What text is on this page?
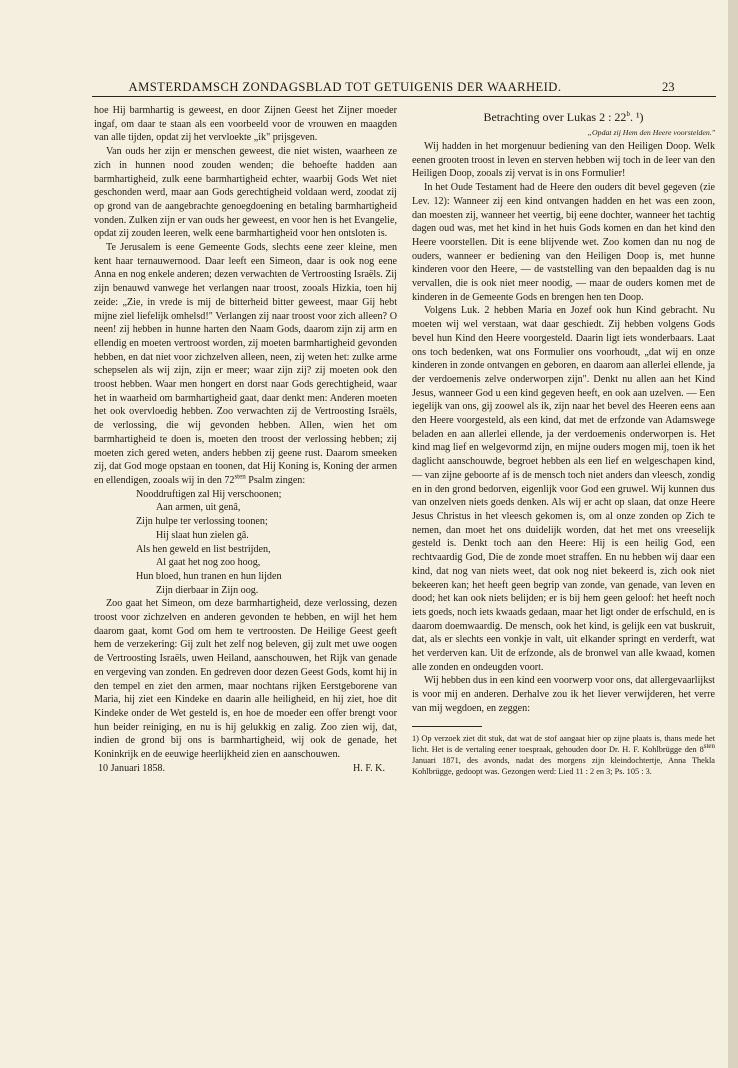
AMSTERDAMSCH ZONDAGSBLAD TOT GETUIGENIS DER WAARHEID.	23

hoe Hij barmhartig is geweest, en door Zijnen Geest het Zijner moeder ingaf, om daar te staan als een voorbeeld voor de vrouwen en maagden van alle tijden, opdat zij het vervloekte „ik" prijsgeven.

Van ouds her zijn er menschen geweest, die niet wisten, waarheen ze zich in hunnen nood zouden wenden; die behoefte hadden aan barmhartigheid, zulk eene barmhartigheid echter, waarbij Gods Wet niet geschonden werd, maar aan Gods gerechtigheid voldaan werd, zoodat zij op grond van de aangebrachte genoegdoening en betaling barmhartigheid vonden. Zulken zijn er van ouds her geweest, en voor hen is het Evangelie, opdat zij zouden leeren, welk eene barmhartigheid voor hen ontsloten is.

Te Jerusalem is eene Gemeente Gods, slechts eene zeer kleine, men kent haar ternauwernood. Daar leeft een Simeon, daar is ook nog eene Anna en nog enkele anderen; dezen verwachten de Vertroosting Israëls. Zij zijn benauwd vanwege het verlangen naar troost, zooals Hizkia, toen hij zeide: „Zie, in vrede is mij de bitterheid bitter geweest, maar Gij hebt mijne ziel liefelijk omhelsd!" Verlangen zij naar troost voor zich alleen? O neen! zij hebben in hunne harten den Naam Gods, daarom zijn zij arm en ellendig en moeten vertroost worden, zij moeten barmhartigheid gevonden hebben, en dat niet voor zichzelven alleen, neen, zij weten het: zulke arme schepselen als wij zijn, zijn er meer; waar zijn zij? zij moeten ook den troost hebben. Waar men hongert en dorst naar Gods gerechtigheid, waar het in waarheid om barmhartigheid gaat, daar denkt men: Anderen moeten het ook overvloedig hebben. Zoo verwachten zij de Vertroosting Israëls, de verlossing, die wij gevonden hebben. Allen, wien het om barmhartigheid te doen is, moeten den troost der verlossing hebben; zij moeten zich gered weten, anders hebben zij geene rust. Daarom smeeken zij, dat God moge opstaan en toonen, dat Hij Koning is, Koning der armen en ellendigen, zooals wij in den $72^{sten}$ Psalm zingen:

Nooddruftigen zal Hij verschoonen;
Aan armen, uit genâ,
Zijn hulpe ter verlossing toonen;
Hij slaat hun zielen gâ.
Als hen geweld en list bestrijden,
Al gaat het nog zoo hoog,
Hun bloed, hun tranen en hun lijden
Zijn dierbaar in Zijn oog.

Zoo gaat het Simeon, om deze barmhartigheid, deze verlossing, dezen troost voor zichzelven en anderen gevonden te hebben, en wijl het hem daarom gaat, komt God om hem te vertroosten. De Heilige Geest geeft hem de verzekering: Gij zult het zelf nog beleven, gij zult met uwe oogen de Vertroosting Israëls, uwen Heiland, aanschouwen, het Rijk van genade en vergeving van zonden. En gedreven door dezen Geest Gods, komt hij in den tempel en ziet den armen, maar nochtans rijken Eerstgeborene van Maria, hij ziet een Kindeke en daarin alle heiligheid, en hij ziet, hoe dit Kindeke onder de Wet gesteld is, en hoe de moeder een offer brengt voor hun beider reiniging, en nu is hij gelukkig en zalig. Zoo zien wij, dat, indien de grond bij ons is barmhartigheid, wij ook de genade, het Koninkrijk en de eeuwige heerlijkheid zien en aanschouwen.

10 Januari 1858.	H. F. K.
Betrachting over Lukas 2 : 22$^b$. ¹)
„Opdat zij Hem den Heere voorstelden."

Wij hadden in het morgenuur bediening van den Heiligen Doop. Welk eenen grooten troost in leven en sterven hebben wij toch in de leer van den Heiligen Doop, zooals zij vervat is in ons Formulier!

In het Oude Testament had de Heere den ouders dit bevel gegeven (zie Lev. 12): Wanneer zij een kind ontvangen hadden en het was een zoon, dan moesten zij, wanneer het veertig, bij eene dochter, wanneer het tachtig dagen oud was, met het kind in het huis Gods komen en dan het kind den Heere voorstellen. Dit is eene blijvende wet. Zoo komen dan nu nog de ouders, wanneer er bediening van den Heiligen Doop is, met hunne kinderen voor den Heere, — de vaststelling van den bepaalden dag is nu vervallen, die is ook niet meer noodig, — maar de ouders komen met de kinderen in de Gemeente Gods en brengen hen ten Doop.

Volgens Luk. 2 hebben Maria en Jozef ook hun Kind gebracht. Nu moeten wij wel verstaan, wat daar geschiedt. Zij hebben volgens Gods bevel hun Kind den Heere voorgesteld. Daarin ligt iets wonderbaars. Laat ons toch bedenken, wat ons Formulier ons voorhoudt, „dat wij en onze kinderen in zonde ontvangen en geboren, en daarom aan allerlei ellende, ja der verdoemenis zelve onderworpen zijn". Denkt nu allen aan het Kind Jesus, wanneer God u een kind gegeven heeft, en ook aan uzelven. — Een iegelijk van ons, gij zoowel als ik, zijn naar het bevel des Heeren eens aan den Heere voorgesteld, als een kind, dat met de erfzonde van Adamswege beladen en aan allerlei ellende, ja der verdoemenis onderworpen is. Het kind mag lief en welgevormd zijn, en mijne ouders mogen mij, toen ik het daglicht aanschouwde, begroet hebben als een lief en welgeschapen kind, — van zijne geboorte af is de mensch toch niet anders dan vleesch, zondig en in den grond bedorven, eigenlijk voor God een gruwel. Wij kunnen dus van onzelven niets goeds denken. Als wij er acht op slaan, dat onze Heere Jesus Christus in het vleesch gekomen is, om al onze zonden op Zich te nemen, dan moet het ons duidelijk worden, dat het met ons vreeselijk gesteld is. Denkt toch aan den Heere: Hij is een heilig God, een rechtvaardig God, Die de zonde moet straffen. En nu hebben wij daar een kind, dat nog van niets weet, dat ook nog niet bekeerd is, zich ook niet bekeeren kan; het heeft geen begrip van zonde, van genade, van leven en dood; het kan ook niets belijden; er is bij hem geen geloof: het heeft noch iets goeds, noch iets kwaads gedaan, maar het ligt onder de erfschuld, en is daarom doemwaardig. De mensch, ook het kind, is gelijk een vat buskruit, dat, als er slechts een vonkje in valt, uit elkander springt en verderft, wat het verderven kan. Uit de erfzonde, als de bronwel van alle kwaad, komen alle zonden en ondeugden voort.

Wij hebben dus in een kind een voorwerp voor ons, dat allergevaarlijkst is voor mij en anderen. Derhalve zou ik het liever verwijderen, het verre van mij wegdoen, en zeggen:

1) Op verzoek ziet dit stuk, dat wat de stof aangaat hier op zijne plaats is, thans mede het licht. Het is de vertaling eener toespraak, gehouden door Dr. H. F. Kohlbrügge den $8^{sten}$ Januari 1871, des avonds, nadat des morgens zijn kleindochtertje, Anna Thekla Kohlbrügge, gedoopt was. Gezongen werd: Lied 11 : 2 en 3; Ps. 105 : 3.
